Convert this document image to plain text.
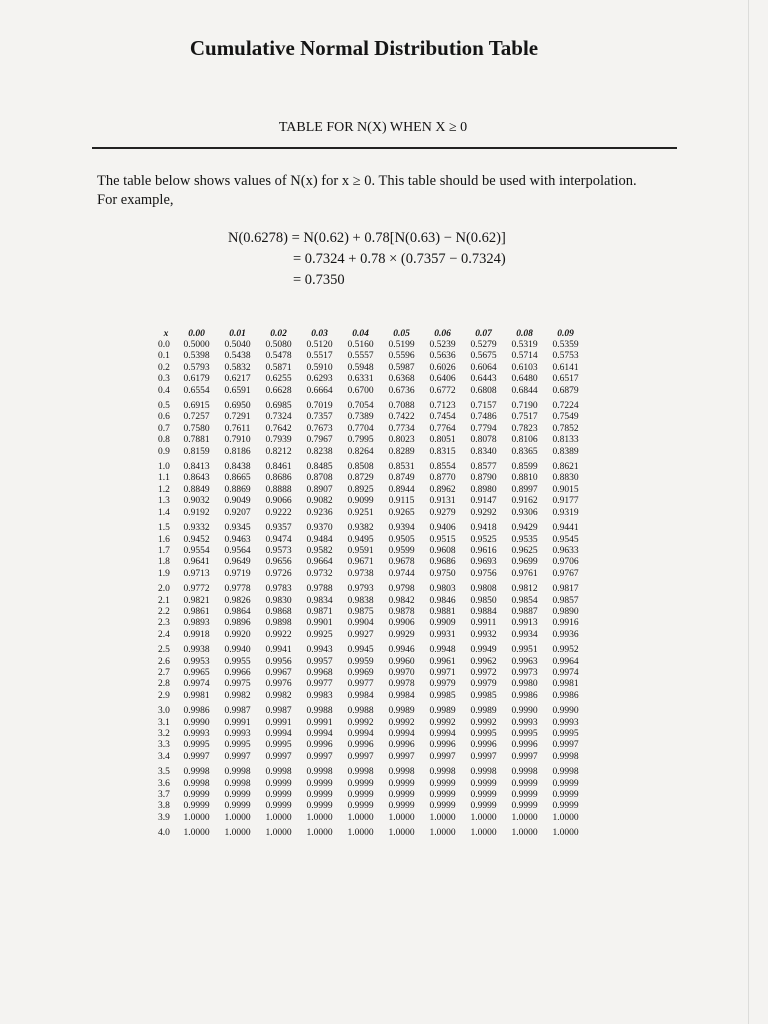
Cumulative Normal Distribution Table
TABLE FOR N(X) WHEN X ≥ 0
The table below shows values of N(x) for x ≥ 0. This table should be used with interpolation. For example,
N(0.6278) = N(0.62) + 0.78[N(0.63) − N(0.62)]
= 0.7324 + 0.78 × (0.7357 − 0.7324)
= 0.7350
x	0.00	0.01	0.02	0.03	0.04	0.05	0.06	0.07	0.08	0.09
0.0	0.5000	0.5040	0.5080	0.5120	0.5160	0.5199	0.5239	0.5279	0.5319	0.5359
0.1	0.5398	0.5438	0.5478	0.5517	0.5557	0.5596	0.5636	0.5675	0.5714	0.5753
0.2	0.5793	0.5832	0.5871	0.5910	0.5948	0.5987	0.6026	0.6064	0.6103	0.6141
0.3	0.6179	0.6217	0.6255	0.6293	0.6331	0.6368	0.6406	0.6443	0.6480	0.6517
0.4	0.6554	0.6591	0.6628	0.6664	0.6700	0.6736	0.6772	0.6808	0.6844	0.6879
0.5	0.6915	0.6950	0.6985	0.7019	0.7054	0.7088	0.7123	0.7157	0.7190	0.7224
0.6	0.7257	0.7291	0.7324	0.7357	0.7389	0.7422	0.7454	0.7486	0.7517	0.7549
0.7	0.7580	0.7611	0.7642	0.7673	0.7704	0.7734	0.7764	0.7794	0.7823	0.7852
0.8	0.7881	0.7910	0.7939	0.7967	0.7995	0.8023	0.8051	0.8078	0.8106	0.8133
0.9	0.8159	0.8186	0.8212	0.8238	0.8264	0.8289	0.8315	0.8340	0.8365	0.8389
1.0	0.8413	0.8438	0.8461	0.8485	0.8508	0.8531	0.8554	0.8577	0.8599	0.8621
1.1	0.8643	0.8665	0.8686	0.8708	0.8729	0.8749	0.8770	0.8790	0.8810	0.8830
1.2	0.8849	0.8869	0.8888	0.8907	0.8925	0.8944	0.8962	0.8980	0.8997	0.9015
1.3	0.9032	0.9049	0.9066	0.9082	0.9099	0.9115	0.9131	0.9147	0.9162	0.9177
1.4	0.9192	0.9207	0.9222	0.9236	0.9251	0.9265	0.9279	0.9292	0.9306	0.9319
1.5	0.9332	0.9345	0.9357	0.9370	0.9382	0.9394	0.9406	0.9418	0.9429	0.9441
1.6	0.9452	0.9463	0.9474	0.9484	0.9495	0.9505	0.9515	0.9525	0.9535	0.9545
1.7	0.9554	0.9564	0.9573	0.9582	0.9591	0.9599	0.9608	0.9616	0.9625	0.9633
1.8	0.9641	0.9649	0.9656	0.9664	0.9671	0.9678	0.9686	0.9693	0.9699	0.9706
1.9	0.9713	0.9719	0.9726	0.9732	0.9738	0.9744	0.9750	0.9756	0.9761	0.9767
2.0	0.9772	0.9778	0.9783	0.9788	0.9793	0.9798	0.9803	0.9808	0.9812	0.9817
2.1	0.9821	0.9826	0.9830	0.9834	0.9838	0.9842	0.9846	0.9850	0.9854	0.9857
2.2	0.9861	0.9864	0.9868	0.9871	0.9875	0.9878	0.9881	0.9884	0.9887	0.9890
2.3	0.9893	0.9896	0.9898	0.9901	0.9904	0.9906	0.9909	0.9911	0.9913	0.9916
2.4	0.9918	0.9920	0.9922	0.9925	0.9927	0.9929	0.9931	0.9932	0.9934	0.9936
2.5	0.9938	0.9940	0.9941	0.9943	0.9945	0.9946	0.9948	0.9949	0.9951	0.9952
2.6	0.9953	0.9955	0.9956	0.9957	0.9959	0.9960	0.9961	0.9962	0.9963	0.9964
2.7	0.9965	0.9966	0.9967	0.9968	0.9969	0.9970	0.9971	0.9972	0.9973	0.9974
2.8	0.9974	0.9975	0.9976	0.9977	0.9977	0.9978	0.9979	0.9979	0.9980	0.9981
2.9	0.9981	0.9982	0.9982	0.9983	0.9984	0.9984	0.9985	0.9985	0.9986	0.9986
3.0	0.9986	0.9987	0.9987	0.9988	0.9988	0.9989	0.9989	0.9989	0.9990	0.9990
3.1	0.9990	0.9991	0.9991	0.9991	0.9992	0.9992	0.9992	0.9992	0.9993	0.9993
3.2	0.9993	0.9993	0.9994	0.9994	0.9994	0.9994	0.9994	0.9995	0.9995	0.9995
3.3	0.9995	0.9995	0.9995	0.9996	0.9996	0.9996	0.9996	0.9996	0.9996	0.9997
3.4	0.9997	0.9997	0.9997	0.9997	0.9997	0.9997	0.9997	0.9997	0.9997	0.9998
3.5	0.9998	0.9998	0.9998	0.9998	0.9998	0.9998	0.9998	0.9998	0.9998	0.9998
3.6	0.9998	0.9998	0.9999	0.9999	0.9999	0.9999	0.9999	0.9999	0.9999	0.9999
3.7	0.9999	0.9999	0.9999	0.9999	0.9999	0.9999	0.9999	0.9999	0.9999	0.9999
3.8	0.9999	0.9999	0.9999	0.9999	0.9999	0.9999	0.9999	0.9999	0.9999	0.9999
3.9	1.0000	1.0000	1.0000	1.0000	1.0000	1.0000	1.0000	1.0000	1.0000	1.0000
4.0	1.0000	1.0000	1.0000	1.0000	1.0000	1.0000	1.0000	1.0000	1.0000	1.0000
